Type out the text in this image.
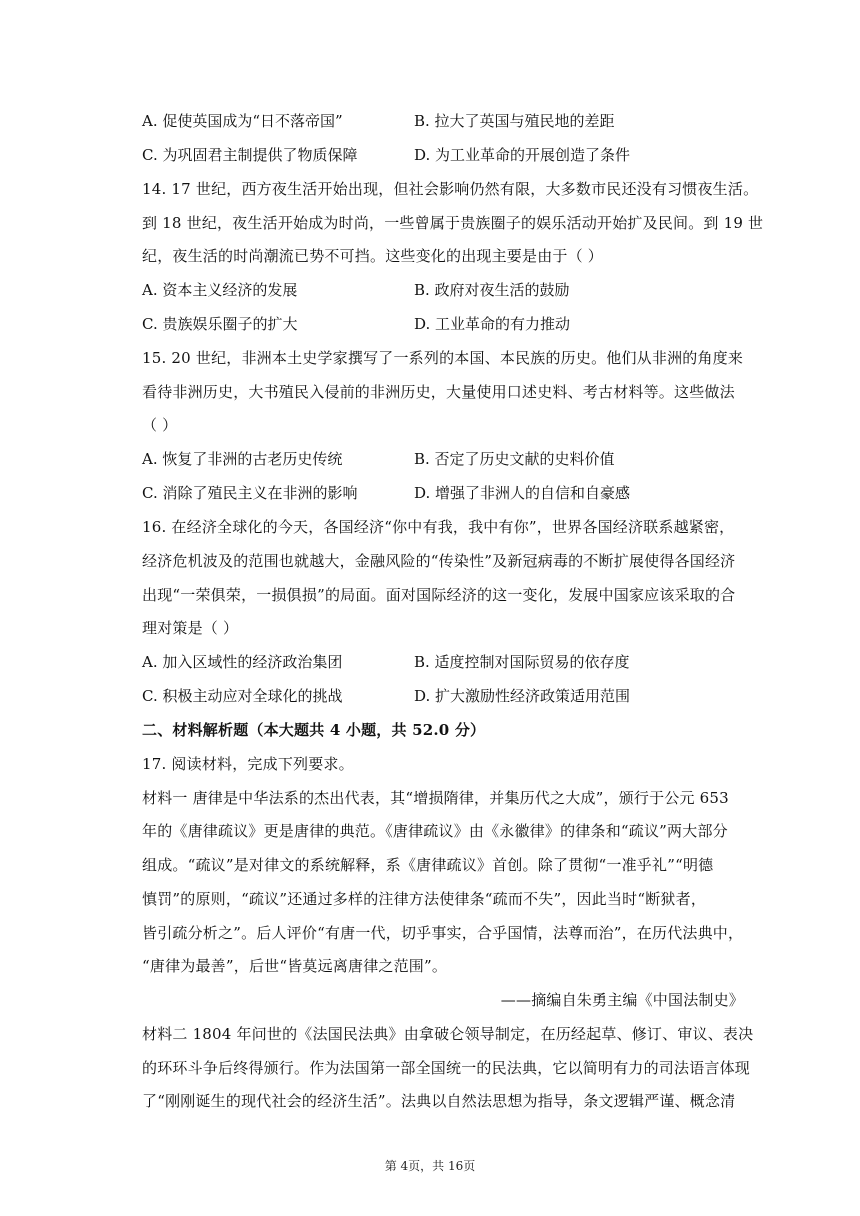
A. 促使英国成为“日不落帝国”	B. 拉大了英国与殖民地的差距
C. 为巩固君主制提供了物质保障	D. 为工业革命的开展创造了条件
14. 17 世纪，西方夜生活开始出现，但社会影响仍然有限，大多数市民还没有习惯夜生活。
到 18 世纪，夜生活开始成为时尚，一些曾属于贵族圈子的娱乐活动开始扩及民间。到 19 世
纪，夜生活的时尚潮流已势不可挡。这些变化的出现主要是由于（ ）
A. 资本主义经济的发展	B. 政府对夜生活的鼓励
C. 贵族娱乐圈子的扩大	D. 工业革命的有力推动
15. 20 世纪，非洲本土史学家撰写了一系列的本国、本民族的历史。他们从非洲的角度来
看待非洲历史，大书殖民入侵前的非洲历史，大量使用口述史料、考古材料等。这些做法
（ ）
A. 恢复了非洲的古老历史传统	B. 否定了历史文献的史料价值
C. 消除了殖民主义在非洲的影响	D. 增强了非洲人的自信和自豪感
16. 在经济全球化的今天，各国经济“你中有我，我中有你”，世界各国经济联系越紧密，
经济危机波及的范围也就越大，金融风险的“传染性”及新冠病毒的不断扩展使得各国经济
出现“一荣俱荣，一损俱损”的局面。面对国际经济的这一变化，发展中国家应该采取的合
理对策是（ ）
A. 加入区域性的经济政治集团	B. 适度控制对国际贸易的依存度
C. 积极主动应对全球化的挑战	D. 扩大激励性经济政策适用范围
二、材料解析题（本大题共 4 小题，共 52.0 分）
17. 阅读材料，完成下列要求。
材料一 唐律是中华法系的杰出代表，其“增损隋律，并集历代之大成”，颁行于公元 653
年的《唐律疏议》更是唐律的典范。《唐律疏议》由《永徽律》的律条和“疏议”两大部分
组成。“疏议”是对律文的系统解释，系《唐律疏议》首创。除了贯彻“一准乎礼”“明德
慎罚”的原则，“疏议”还通过多样的注律方法使律条“疏而不失”，因此当时“断狱者，
皆引疏分析之”。后人评价“有唐一代，切乎事实，合乎国情，法尊而治”，在历代法典中，
“唐律为最善”，后世“皆莫远离唐律之范围”。
——摘编自朱勇主编《中国法制史》
材料二 1804 年问世的《法国民法典》由拿破仑领导制定，在历经起草、修订、审议、表决
的环环斗争后终得颁行。作为法国第一部全国统一的民法典，它以简明有力的司法语言体现
了“刚刚诞生的现代社会的经济生活”。法典以自然法思想为指导，条文逻辑严谨、概念清
第 4页，共 16页
